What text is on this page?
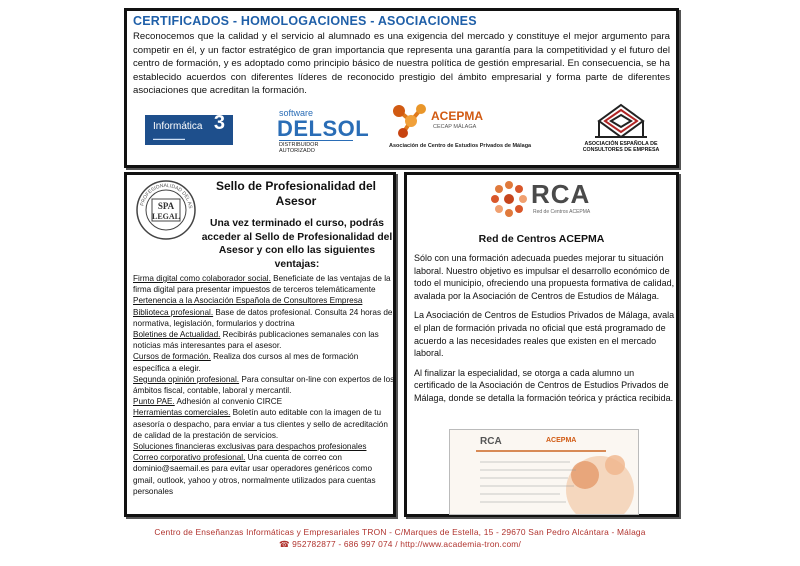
CERTIFICADOS - HOMOLOGACIONES - ASOCIACIONES
Reconocemos que la calidad y el servicio al alumnado es una exigencia del mercado y constituye el mejor argumento para competir en él, y un factor estratégico de gran importancia que representa una garantía para la competitividad y el futuro del centro de formación, y es adoptado como principio básico de nuestra política de gestión empresarial. En consecuencia, se ha establecido acuerdos con diferentes líderes de reconocido prestigio del ámbito empresarial y forma parte de diferentes asociaciones que acreditan la formación.
Informática 3
▬▬▬▬▬▬▬▬
software
DELSOL
DISTRIBUIDOR AUTORIZADO
ACEPMA
CECAP MÁLAGA
Asociación de Centro de Estudios Privados de Málaga	ASOCIACIÓN ESPAÑOLA DE CONSULTORES DE EMPRESA
SPA
LEGAL
PROFESIONALIDAD DEL AS
Sello de Profesionalidad del Asesor
Una vez terminado el curso, podrás acceder al Sello de Profesionalidad del Asesor y con ello las siguientes ventajas:

Firma digital como colaborador social. Beneficiate de las ventajas de la firma digital para presentar impuestos de terceros telemáticamente

Pertenencia a la Asociación Española de Consultores Empresa

Biblioteca profesional. Base de datos profesional. Consulta 24 horas de normativa, legislación, formularios y doctrina

Boletines de Actualidad. Recibirás publicaciones semanales con las noticias más interesantes para el asesor.

Cursos de formación. Realiza dos cursos al mes de formación específica a elegir.

Segunda opinión profesional. Para consultar on-line con expertos de los ámbitos fiscal, contable, laboral y mercantil.

Punto PAE. Adhesión al convenio CIRCE

Herramientas comerciales. Boletín auto editable con la imagen de tu asesoría o despacho, para enviar a tus clientes y sello de acreditación de calidad de la prestación de servicios.

Soluciones financieras exclusivas para despachos profesionales

Correo corporativo profesional. Una cuenta de correo con dominio@saemail.es para evitar usar operadores genéricos como gmail, outlook, yahoo y otros, normalmente utilizados para cuentas personales

RCA
Red de Centros ACEPMA
Red de Centros ACEPMA

Sólo con una formación adecuada puedes mejorar tu situación laboral. Nuestro objetivo es impulsar el desarrollo económico de todo el municipio, ofreciendo una propuesta formativa de calidad, avalada por la Asociación de Centros de Estudios de Málaga.

La Asociación de Centros de Estudios Privados de Málaga, avala el plan de formación privada no oficial que está programado de acuerdo a las necesidades reales que existen en el mercado laboral.

Al finalizar la especialidad, se otorga a cada alumno un certificado de la Asociación de Centros de Estudios Privados de Málaga, donde se detalla la formación teórica y práctica recibida.

RCA	ACEPMA
Centro de Enseñanzas Informáticas y Empresariales TRON - C/Marques de Estella, 15 - 29670 San Pedro Alcántara - Málaga
☎ 952782877 - 686 997 074 / http://www.academia-tron.com/
